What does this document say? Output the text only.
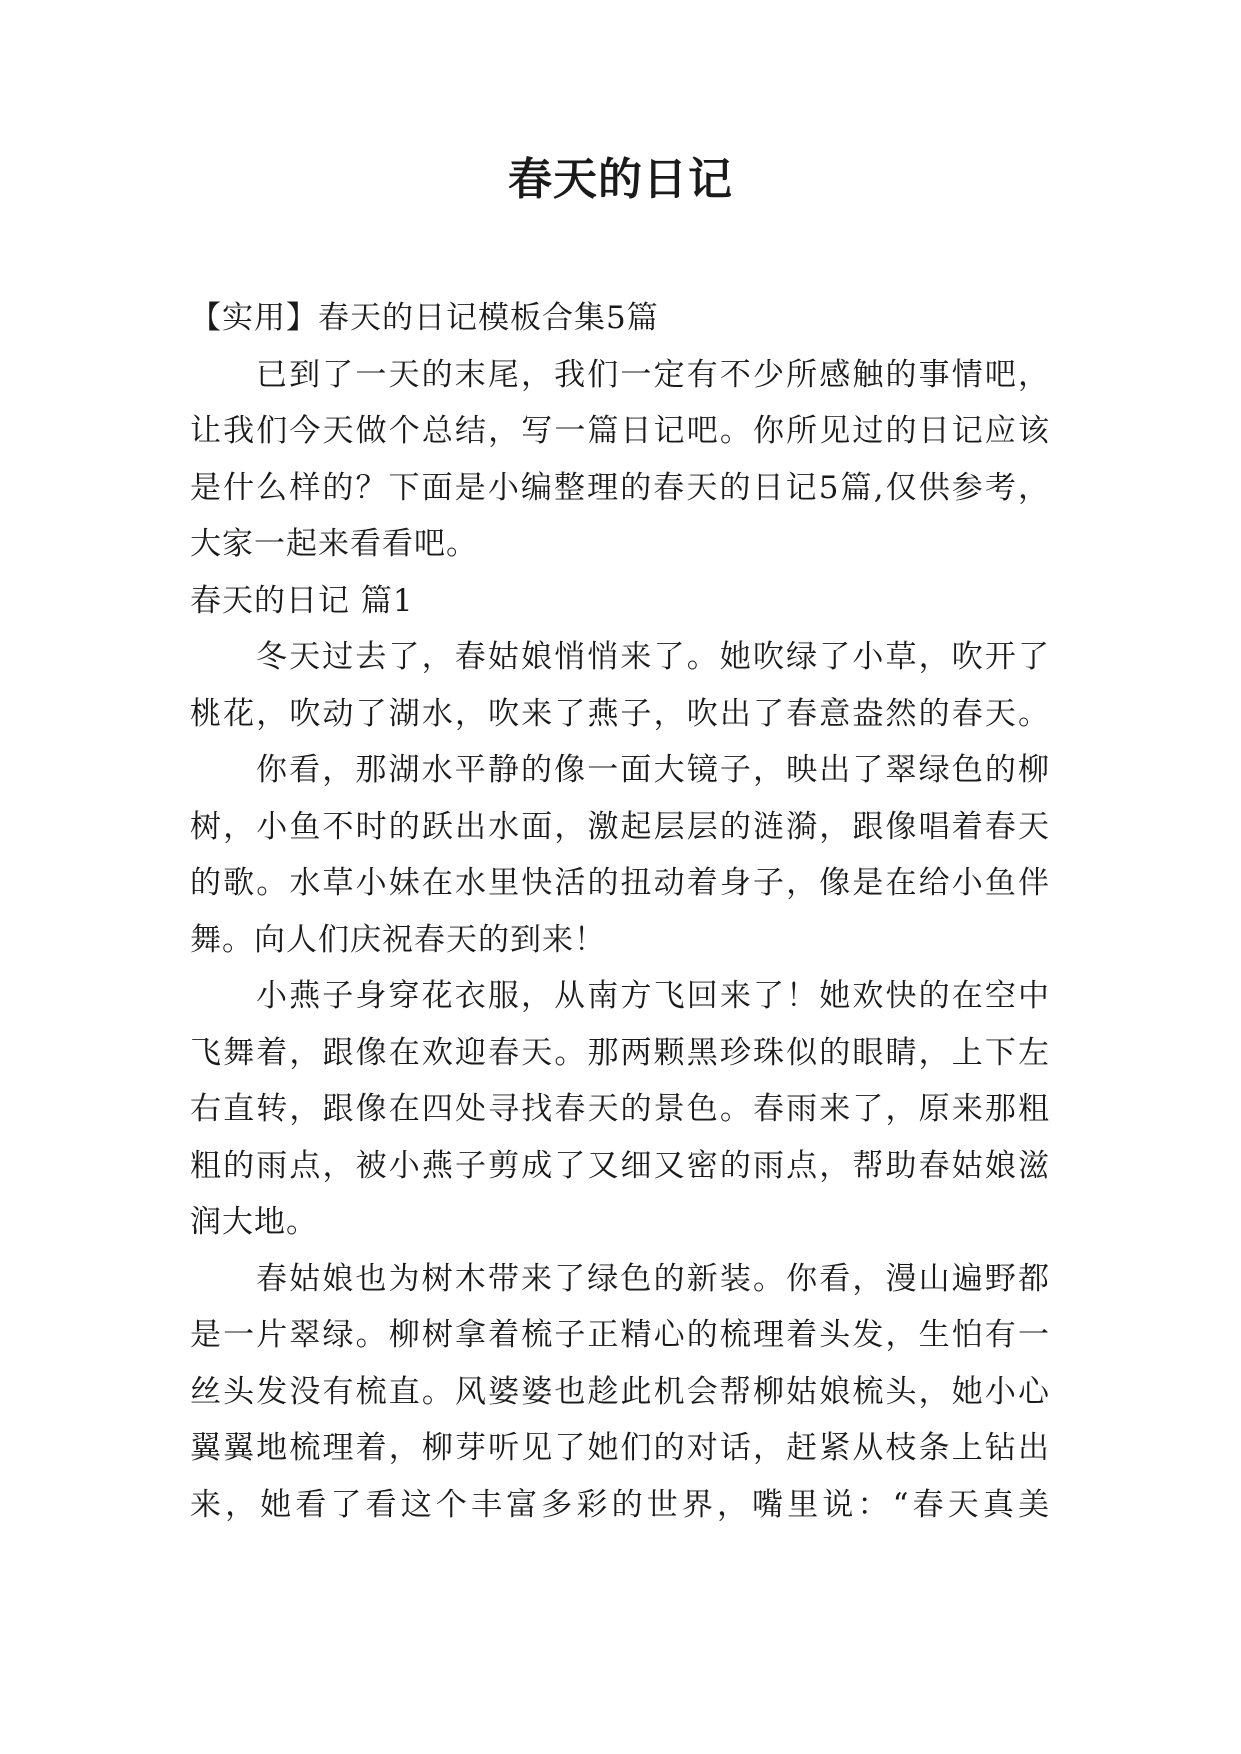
春天的日记
【实用】春天的日记模板合集5篇
已到了一天的末尾，我们一定有不少所感触的事情吧，
让我们今天做个总结，写一篇日记吧。你所见过的日记应该
是什么样的？下面是小编整理的春天的日记5篇,仅供参考，
大家一起来看看吧。
春天的日记 篇1
冬天过去了，春姑娘悄悄来了。她吹绿了小草，吹开了
桃花，吹动了湖水，吹来了燕子，吹出了春意盎然的春天。
你看，那湖水平静的像一面大镜子，映出了翠绿色的柳
树，小鱼不时的跃出水面，激起层层的涟漪，跟像唱着春天
的歌。水草小妹在水里快活的扭动着身子，像是在给小鱼伴
舞。向人们庆祝春天的到来！
小燕子身穿花衣服，从南方飞回来了！她欢快的在空中
飞舞着，跟像在欢迎春天。那两颗黑珍珠似的眼睛，上下左
右直转，跟像在四处寻找春天的景色。春雨来了，原来那粗
粗的雨点，被小燕子剪成了又细又密的雨点，帮助春姑娘滋
润大地。
春姑娘也为树木带来了绿色的新装。你看，漫山遍野都
是一片翠绿。柳树拿着梳子正精心的梳理着头发，生怕有一
丝头发没有梳直。风婆婆也趁此机会帮柳姑娘梳头，她小心
翼翼地梳理着，柳芽听见了她们的对话，赶紧从枝条上钻出
来，她看了看这个丰富多彩的世界，嘴里说：“春天真美
